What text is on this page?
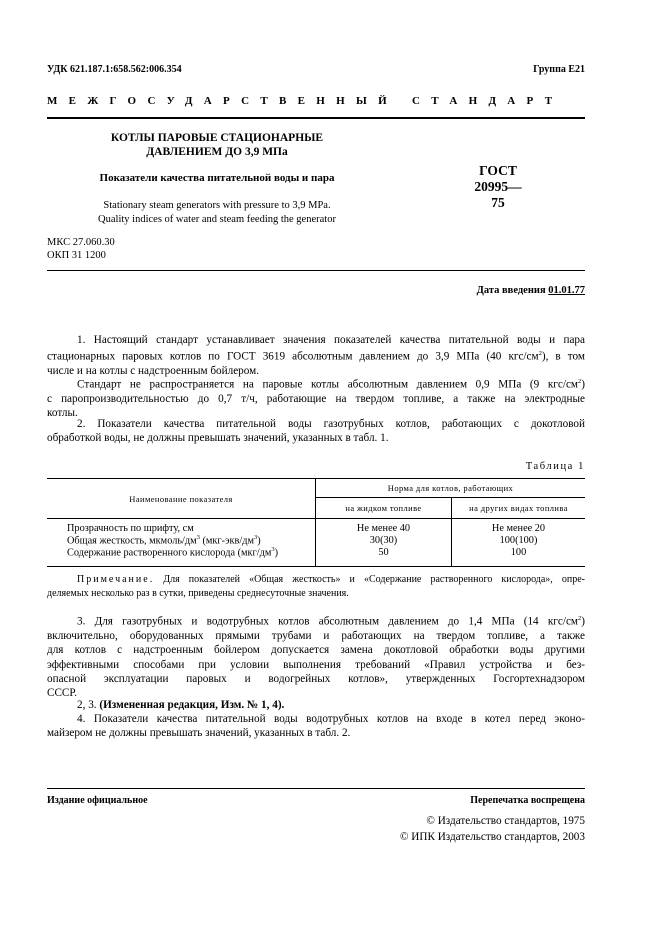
УДК 621.187.1:658.562:006.354	Группа Е21
МЕЖГОСУДАРСТВЕННЫЙ СТАНДАРТ
КОТЛЫ ПАРОВЫЕ СТАЦИОНАРНЫЕ
ДАВЛЕНИЕМ ДО 3,9 МПа
Показатели качества питательной воды и пара
Stationary steam generators with pressure to 3,9 MPa.
Quality indices of water and steam feeding the generator
ГОСТ
20995—75
МКС 27.060.30
ОКП 31 1200
Дата введения 01.01.77
1. Настоящий стандарт устанавливает значения показателей качества питательной воды и пара
стационарных паровых котлов по ГОСТ 3619 абсолютным давлением до 3,9 МПа (40 кгс/$см^2$), в том
числе и на котлы с надстроенным бойлером.
Стандарт не распространяется на паровые котлы абсолютным давлением 0,9 МПа (9 кгс/$см^2$)
с паропроизводительностью до 0,7 т/ч, работающие на твердом топливе, а также на электродные
котлы.
2. Показатели качества питательной воды газотрубных котлов, работающих с докотловой
обработкой воды, не должны превышать значений, указанных в табл. 1.
Таблица 1
Наименование показателя	Норма для котлов, работающих	
	на жидком топливе	на других видах топлива

Прозрачность по шрифту, см	Не менее 40	Не менее 20
Общая жесткость, мкмоль/$дм^3$ $(мкг-экв/дм^3)$	30(30)	100(100)
Содержание растворенного кислорода $(мкг/дм^3)$	50	100

Примечание. Для показателей «Общая жесткость» и «Содержание растворенного кислорода», опре-
деляемых несколько раз в сутки, приведены среднесуточные значения.
3. Для газотрубных и водотрубных котлов абсолютным давлением до 1,4 МПа (14 кгс/$см^2$)
включительно, оборудованных прямыми трубами и работающих на твердом топливе, а также
для котлов с надстроенным бойлером допускается замена докотловой обработки воды другими
эффективными способами при условии выполнения требований «Правил устройства и без-
опасной эксплуатации паровых и водогрейных котлов», утвержденных Госгортехнадзором
СССР.
2, 3. (Измененная редакция, Изм. № 1, 4).
4. Показатели качества питательной воды водотрубных котлов на входе в котел перед эконо-
майзером не должны превышать значений, указанных в табл. 2.
Издание официальное	Перепечатка воспрещена
© Издательство стандартов, 1975
© ИПК Издательство стандартов, 2003
